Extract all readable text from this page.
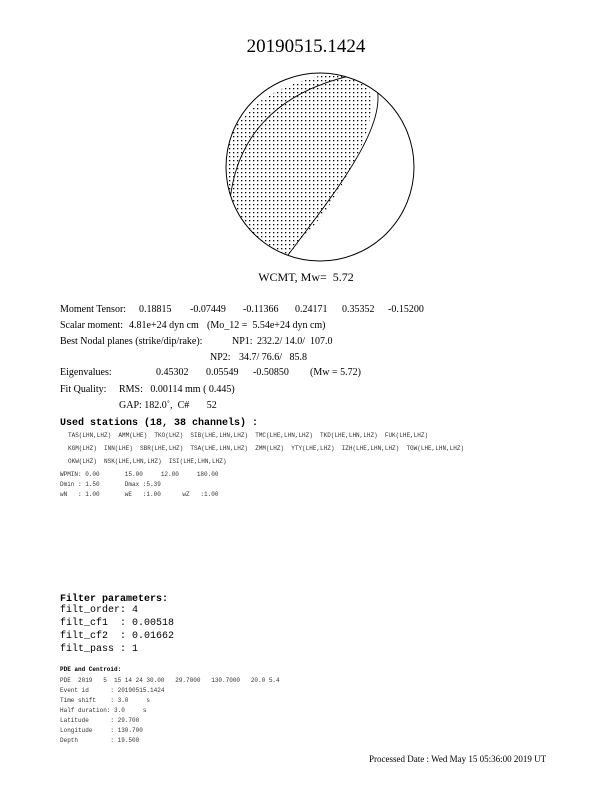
20190515.1424
WCMT, Mw=  5.72
Moment Tensor: 0.18815 -0.07449 -0.11366 0.24171 0.35352 -0.15200
Scalar moment: 4.81e+24 dyn cm (Mo_12 =  5.54e+24 dyn cm)
Best Nodal planes (strike/dip/rake):	NP1: 232.2/ 14.0/  107.0
NP2: 34.7/ 76.6/   85.8
Eigenvalues:	0.45302 0.05549 -0.50850 (Mw = 5.72)
Fit Quality: RMS:   0.00114 mm ( 0.445)
GAP: 182.0˚,  C#       52
Used stations (18, 38 channels) :
TAS(LHN,LHZ)  AMM(LHE)  TKO(LHZ)  SIB(LHE,LHN,LHZ)  TMC(LHE,LHN,LHZ)  TKD(LHE,LHN,LHZ)  FUK(LHE,LHZ)
KGM(LHZ)  INN(LHE)  SBR(LHE,LHZ)  TSA(LHE,LHN,LHZ)  ZMM(LHZ)  YTY(LHE,LHZ)  IZH(LHE,LHN,LHZ)  TGW(LHE,LHN,LHZ)
OKW(LHZ)  NSK(LHE,LHN,LHZ)  ISI(LHE,LHN,LHZ)
WPMIN: 0.00       15.00     12.00     180.00
Dmin : 1.50       Dmax :5.39
wN   : 1.00       wE   :1.00      wZ   :1.00
Filter parameters:
filt_order: 4
filt_cf1  : 0.00518
filt_cf2  : 0.01662
filt_pass : 1
PDE and Centroid:
PDE  2019   5  15 14 24 30.00   29.7000   130.7000   20.0 5.4
Event id      : 20190515.1424
Time shift    : 3.0     s
Half duration: 3.0     s
Latitude      : 29.700
Longitude     : 130.700
Depth         : 19.500
Processed Date : Wed May 15 05:36:00 2019 UT
